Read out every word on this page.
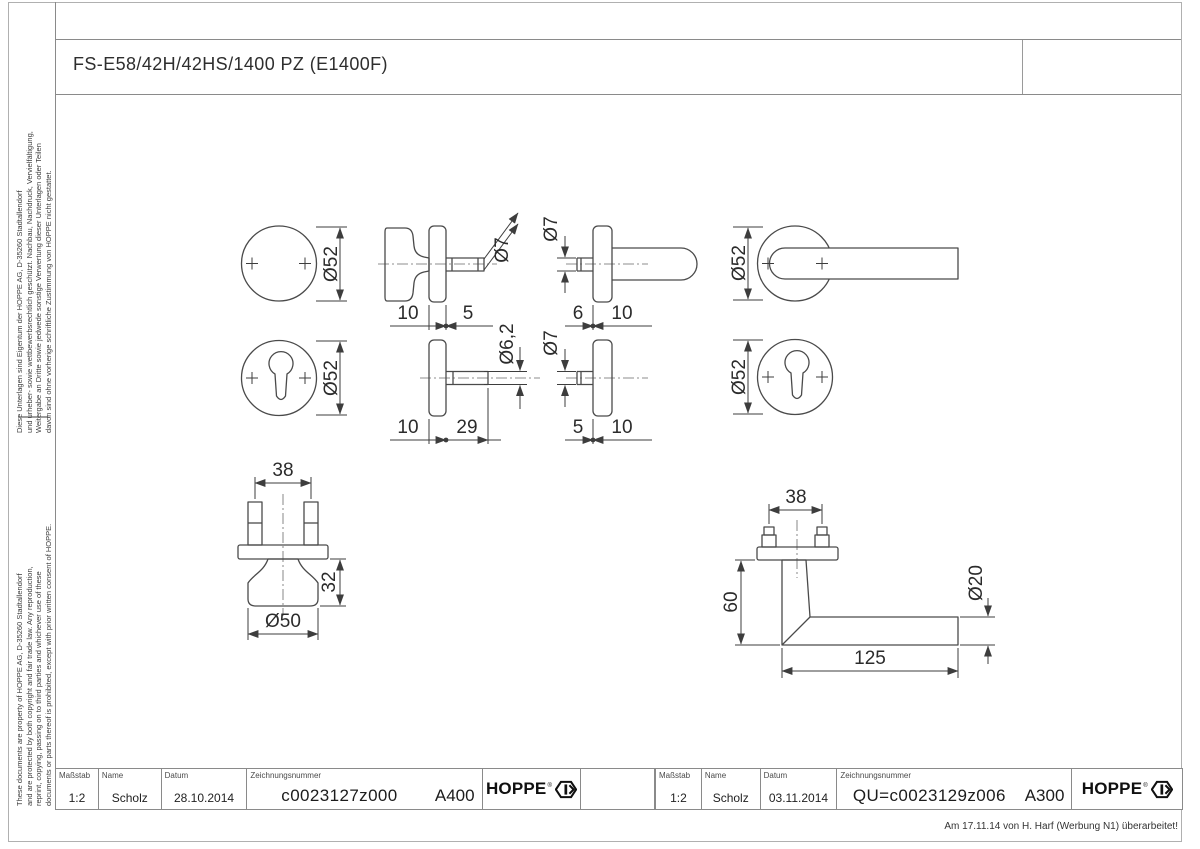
FS-E58/42H/42HS/1400 PZ (E1400F)
Diese Unterlagen sind Eigentum der HOPPE AG, D-35260 Stadtallendorf und urheber- sowie wettbewerbsrechtlich geschützt. Nachbau, Nachdruck, Vervielfältigung, Weitergabe an Dritte sowie jedwede sonstige Verwertung dieser Unterlagen oder Teilen davon sind ohne vorherige schriftliche Zustimmung von HOPPE nicht gestattet.
These documents are property of HOPPE AG, D-35260 Stadtallendorf and are protected by both copyright and fair trade law. Any reproduction, reprint, copying, passing on to third parties and whichever use of these documents or parts thereof is prohibited, except with prior written consent of HOPPE.
Ø52	Ø7
10 5
Ø7
6 10
Ø52
Ø52
Ø6,2
10 29
Ø7
5 10
Ø52
38
32
Ø50
38
60
Ø20
125
Maßstab
1:2
Name
Scholz
Datum
28.10.2014
Zeichnungsnummer
c0023127z000	A400 HOPPE®
Maßstab
1:2
Name
Scholz
Datum
03.11.2014
Zeichnungsnummer
QU=c0023129z006	A300 HOPPE®
Am 17.11.14 von H. Harf (Werbung N1) überarbeitet!
